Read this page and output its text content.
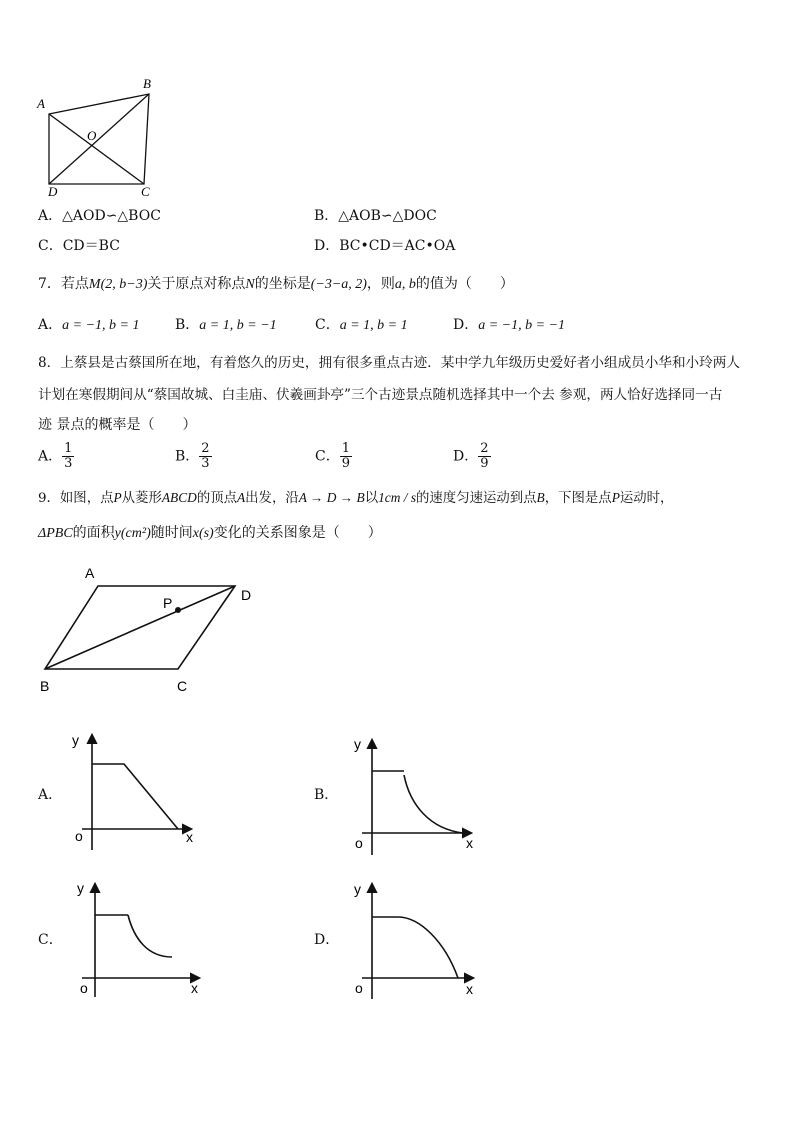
A
B
O
D	C
A．△AOD∽△BOC	B．△AOB∽△DOC
C．CD＝BC	D．BC•CD＝AC•OA
7．若点M(2, b−3)关于原点对称点N的坐标是(−3−a, 2)，则a, b的值为（　　）
A．a = −1, b = 1	B．a = 1, b = −1	C．a = 1, b = 1	D．a = −1, b = −1
8．上蔡县是古蔡国所在地，有着悠久的历史，拥有很多重点古迹．某中学九年级历史爱好者小组成员小华和小玲两人
计划在寒假期间从“蔡国故城、白圭庙、伏羲画卦亭”三个古迹景点随机选择其中一个去 参观，两人恰好选择同一古
迹 景点的概率是（　　）
A． $\frac{1}{3}$	B． $\frac{2}{3}$	C． $\frac{1}{9}$	D． $\frac{2}{9}$
9．如图，点P从菱形ABCD的顶点A出发，沿A → D → B以1cm / s的速度匀速运动到点B，下图是点P运动时，
ΔPBC的面积y(cm²)随时间x(s)变化的关系图象是（　　）
A
P	D
B	C
A．
y
x
o
B．
y
x
o
C．
y
x
o
D．
y
x
o
